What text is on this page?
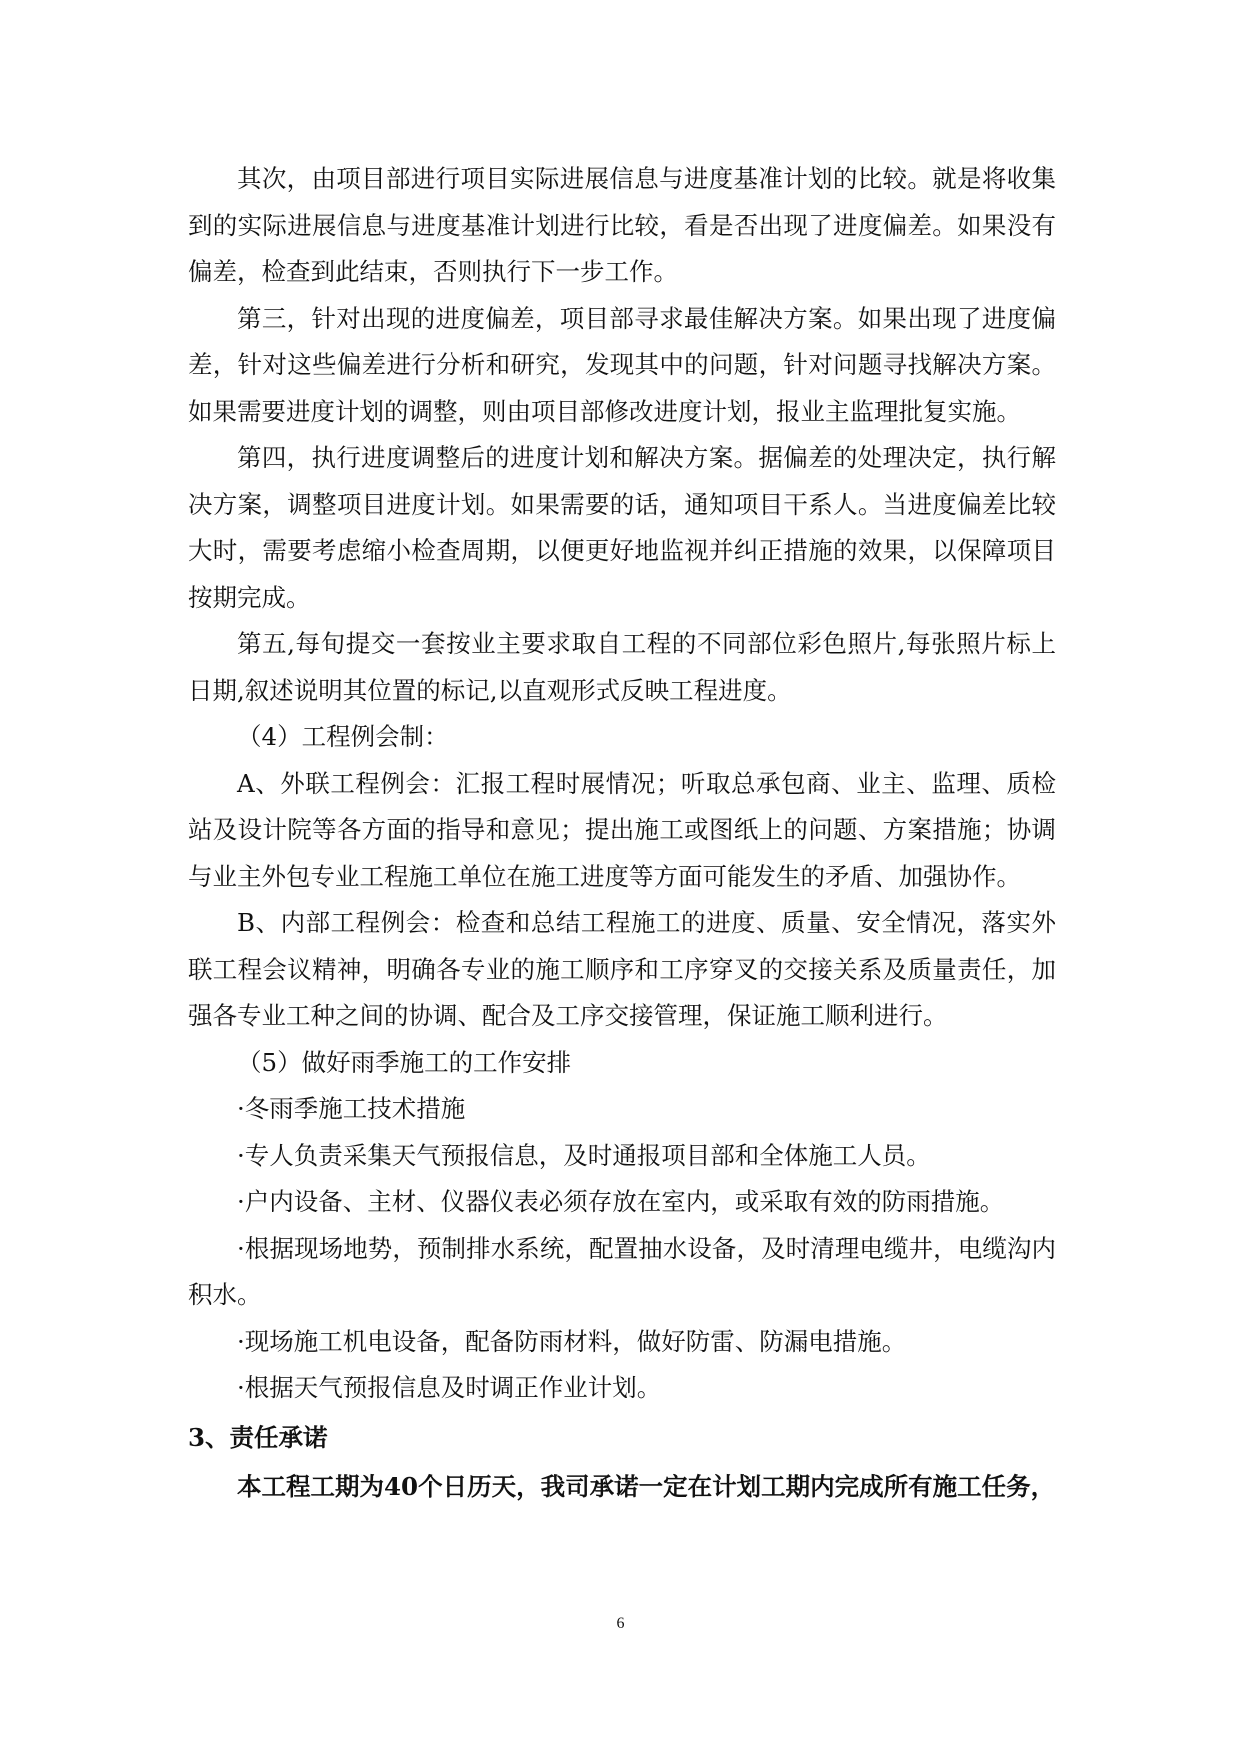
其次，由项目部进行项目实际进展信息与进度基准计划的比较。就是将收集到的实际进展信息与进度基准计划进行比较，看是否出现了进度偏差。如果没有偏差，检查到此结束，否则执行下一步工作。

第三，针对出现的进度偏差，项目部寻求最佳解决方案。如果出现了进度偏差，针对这些偏差进行分析和研究，发现其中的问题，针对问题寻找解决方案。如果需要进度计划的调整，则由项目部修改进度计划，报业主监理批复实施。

第四，执行进度调整后的进度计划和解决方案。据偏差的处理决定，执行解决方案，调整项目进度计划。如果需要的话，通知项目干系人。当进度偏差比较大时，需要考虑缩小检查周期，以便更好地监视并纠正措施的效果，以保障项目按期完成。

第五,每旬提交一套按业主要求取自工程的不同部位彩色照片,每张照片标上日期,叙述说明其位置的标记,以直观形式反映工程进度。

（4）工程例会制：

A、外联工程例会：汇报工程时展情况；听取总承包商、业主、监理、质检站及设计院等各方面的指导和意见；提出施工或图纸上的问题、方案措施；协调与业主外包专业工程施工单位在施工进度等方面可能发生的矛盾、加强协作。

B、内部工程例会：检查和总结工程施工的进度、质量、安全情况，落实外联工程会议精神，明确各专业的施工顺序和工序穿叉的交接关系及质量责任，加强各专业工种之间的协调、配合及工序交接管理，保证施工顺利进行。

（5）做好雨季施工的工作安排

·冬雨季施工技术措施

·专人负责采集天气预报信息，及时通报项目部和全体施工人员。

·户内设备、主材、仪器仪表必须存放在室内，或采取有效的防雨措施。

·根据现场地势，预制排水系统，配置抽水设备，及时清理电缆井，电缆沟内积水。

·现场施工机电设备，配备防雨材料，做好防雷、防漏电措施。

·根据天气预报信息及时调正作业计划。

3、责任承诺

本工程工期为40个日历天，我司承诺一定在计划工期内完成所有施工任务，

6
